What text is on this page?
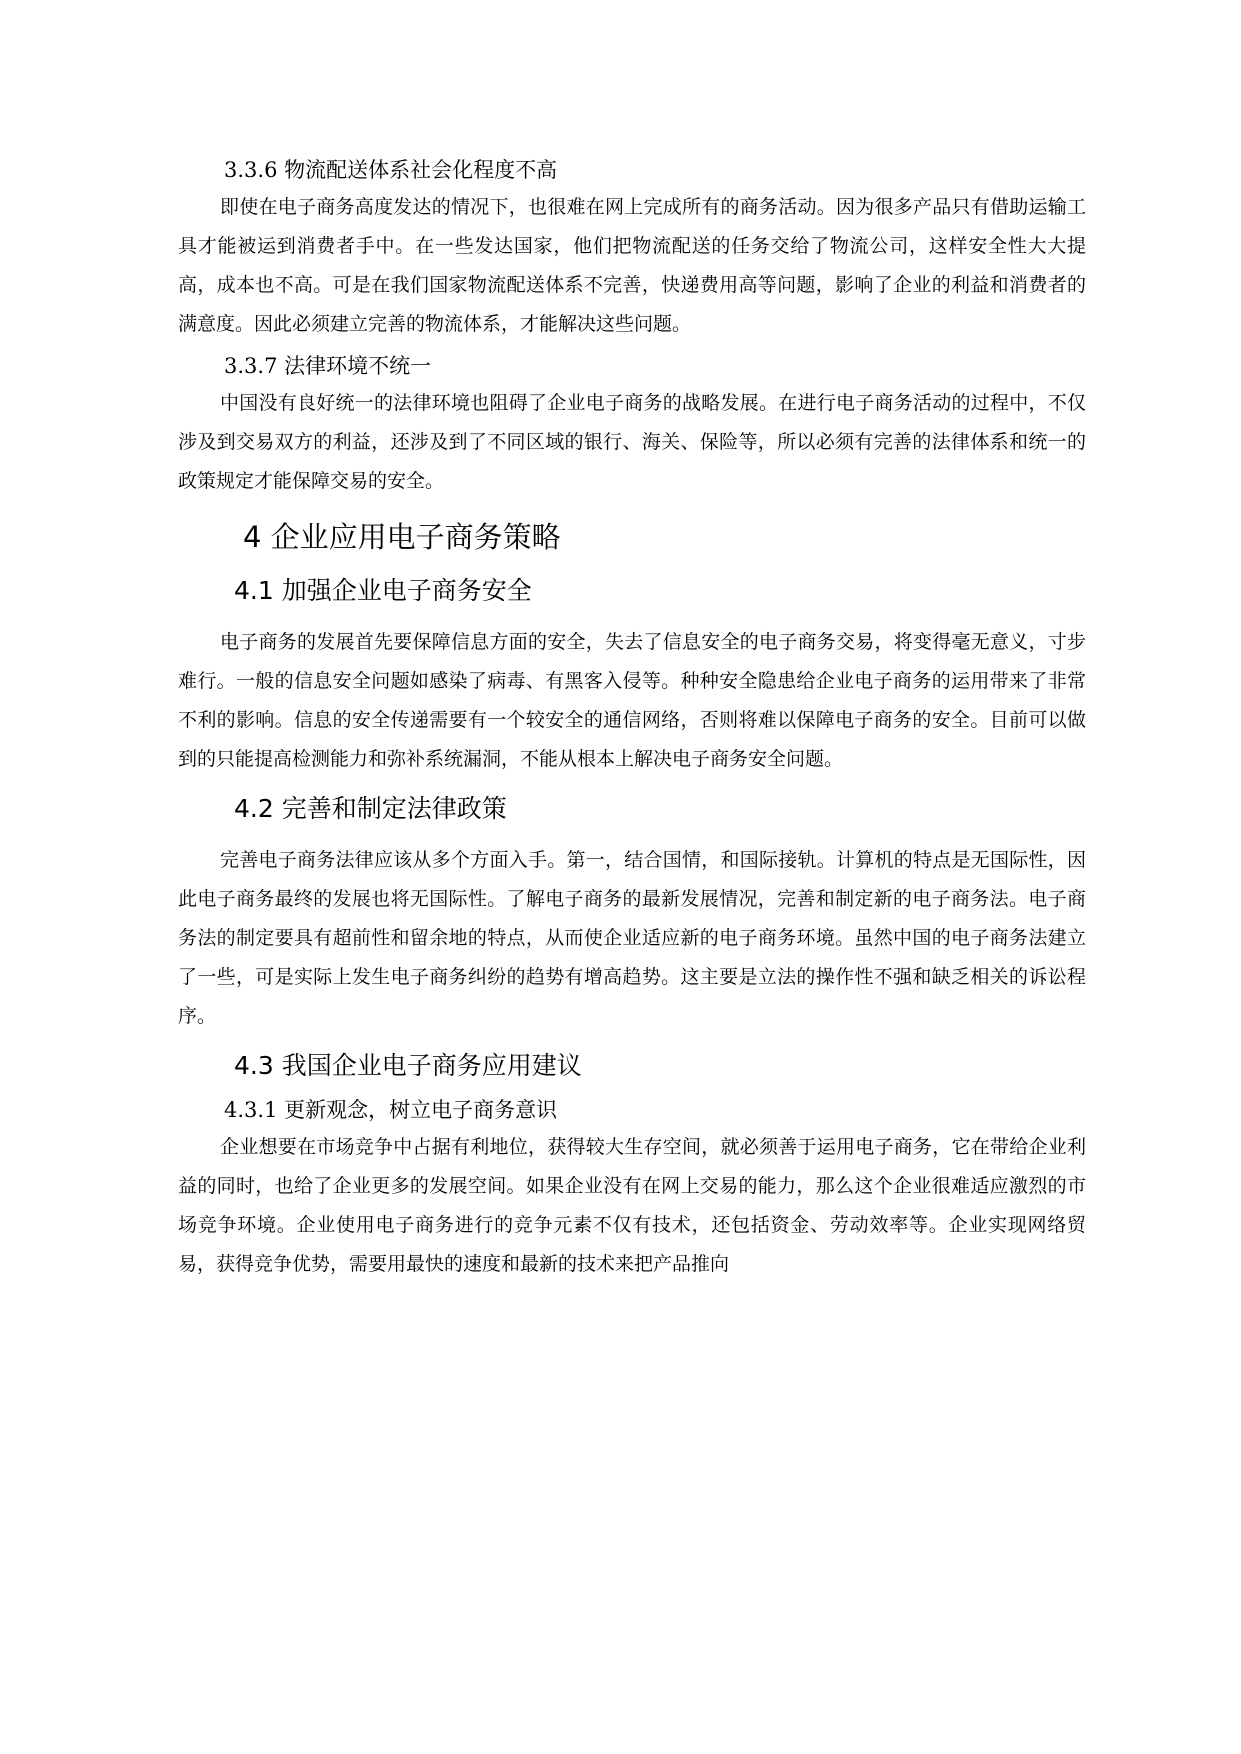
3.3.6 物流配送体系社会化程度不高

即使在电子商务高度发达的情况下，也很难在网上完成所有的商务活动。因为很多产品只有借助运输工具才能被运到消费者手中。在一些发达国家，他们把物流配送的任务交给了物流公司，这样安全性大大提高，成本也不高。可是在我们国家物流配送体系不完善，快递费用高等问题，影响了企业的利益和消费者的满意度。因此必须建立完善的物流体系，才能解决这些问题。

3.3.7 法律环境不统一

中国没有良好统一的法律环境也阻碍了企业电子商务的战略发展。在进行电子商务活动的过程中，不仅涉及到交易双方的利益，还涉及到了不同区域的银行、海关、保险等，所以必须有完善的法律体系和统一的政策规定才能保障交易的安全。

4 企业应用电子商务策略
4.1 加强企业电子商务安全

电子商务的发展首先要保障信息方面的安全，失去了信息安全的电子商务交易，将变得毫无意义，寸步难行。一般的信息安全问题如感染了病毒、有黑客入侵等。种种安全隐患给企业电子商务的运用带来了非常不利的影响。信息的安全传递需要有一个较安全的通信网络，否则将难以保障电子商务的安全。目前可以做到的只能提高检测能力和弥补系统漏洞，不能从根本上解决电子商务安全问题。

4.2 完善和制定法律政策

完善电子商务法律应该从多个方面入手。第一，结合国情，和国际接轨。计算机的特点是无国际性，因此电子商务最终的发展也将无国际性。了解电子商务的最新发展情况，完善和制定新的电子商务法。电子商务法的制定要具有超前性和留余地的特点，从而使企业适应新的电子商务环境。虽然中国的电子商务法建立了一些，可是实际上发生电子商务纠纷的趋势有增高趋势。这主要是立法的操作性不强和缺乏相关的诉讼程序。

4.3 我国企业电子商务应用建议
4.3.1 更新观念，树立电子商务意识

企业想要在市场竞争中占据有利地位，获得较大生存空间，就必须善于运用电子商务，它在带给企业利益的同时，也给了企业更多的发展空间。如果企业没有在网上交易的能力，那么这个企业很难适应激烈的市场竞争环境。企业使用电子商务进行的竞争元素不仅有技术，还包括资金、劳动效率等。企业实现网络贸易，获得竞争优势，需要用最快的速度和最新的技术来把产品推向
